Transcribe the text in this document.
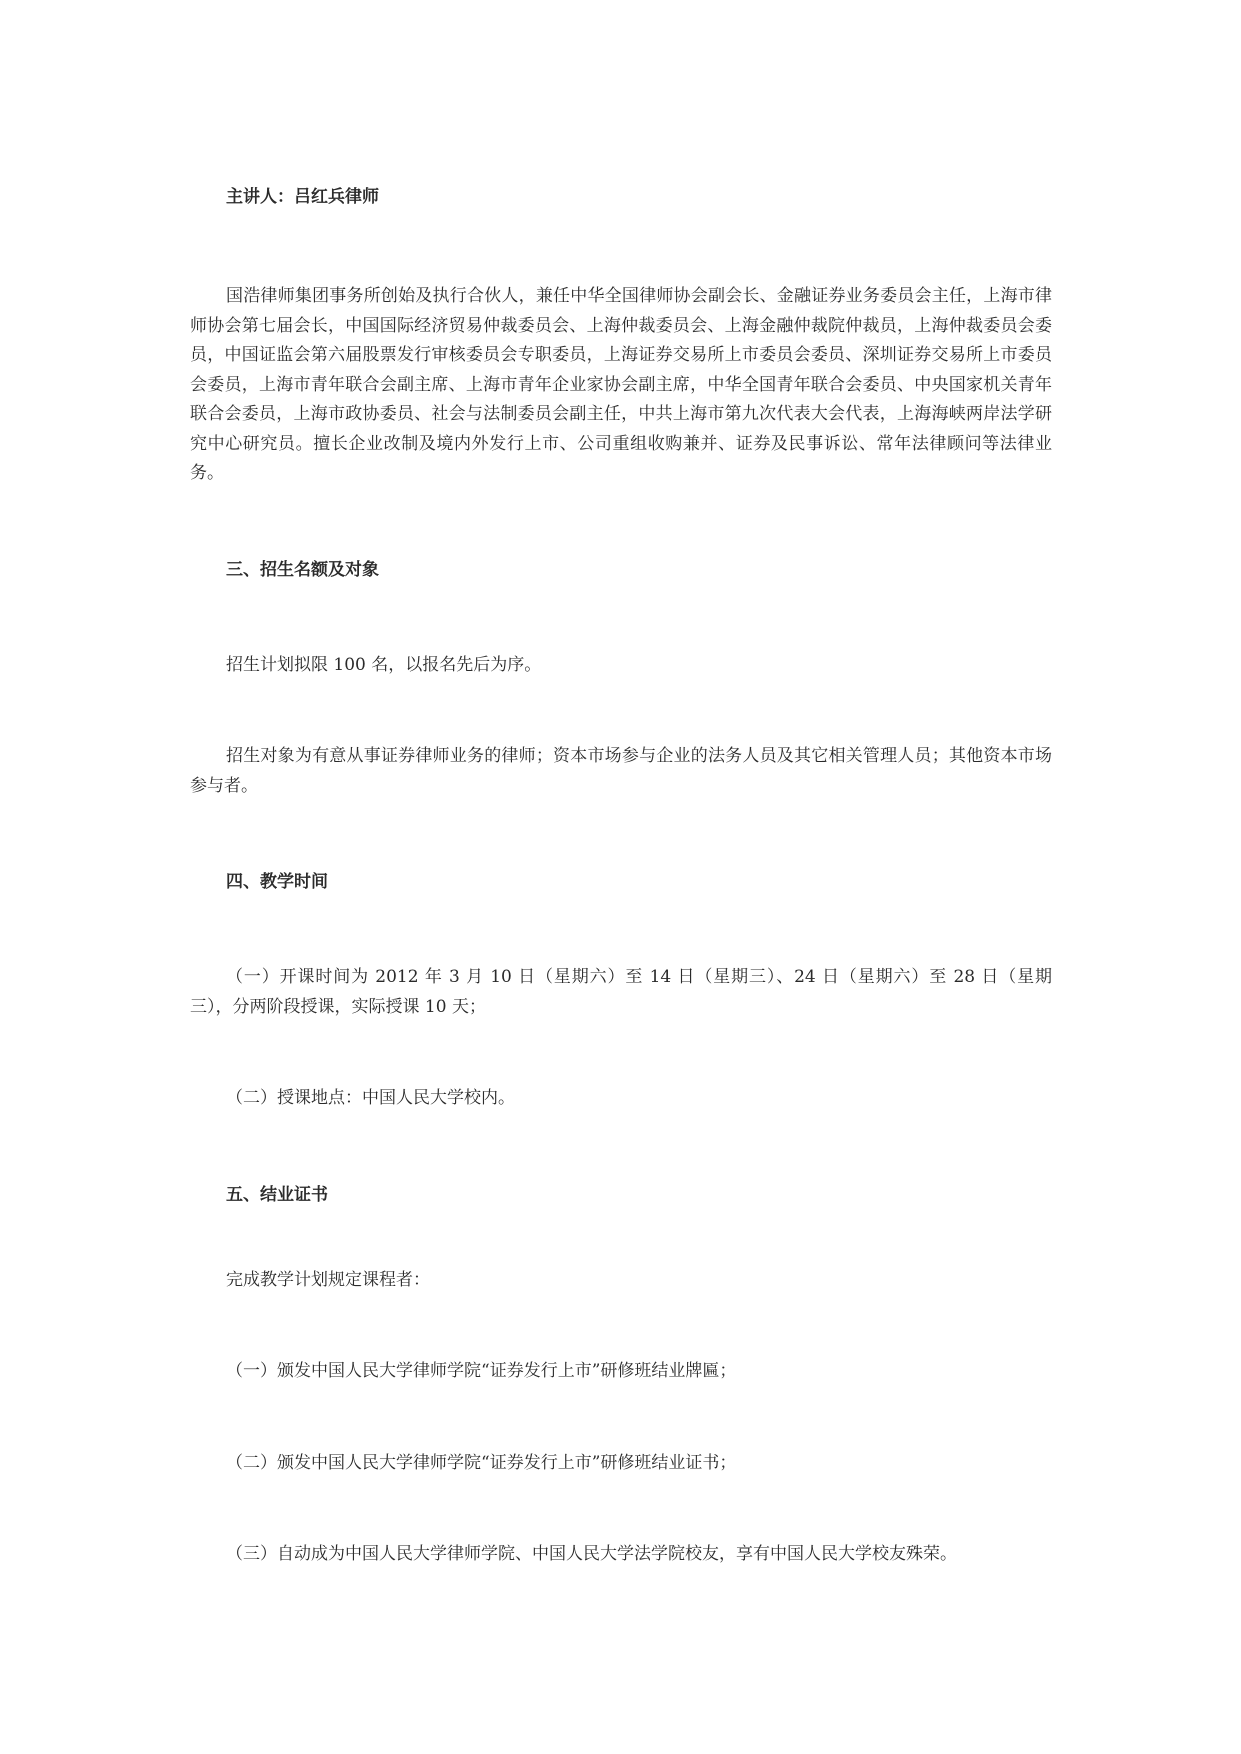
主讲人：吕红兵律师

国浩律师集团事务所创始及执行合伙人，兼任中华全国律师协会副会长、金融证券业务委员会主任，上海市律师协会第七届会长，中国国际经济贸易仲裁委员会、上海仲裁委员会、上海金融仲裁院仲裁员，上海仲裁委员会委员，中国证监会第六届股票发行审核委员会专职委员，上海证券交易所上市委员会委员、深圳证券交易所上市委员会委员，上海市青年联合会副主席、上海市青年企业家协会副主席，中华全国青年联合会委员、中央国家机关青年联合会委员，上海市政协委员、社会与法制委员会副主任，中共上海市第九次代表大会代表，上海海峡两岸法学研究中心研究员。擅长企业改制及境内外发行上市、公司重组收购兼并、证券及民事诉讼、常年法律顾问等法律业务。

三、招生名额及对象

招生计划拟限 100 名，以报名先后为序。

招生对象为有意从事证券律师业务的律师；资本市场参与企业的法务人员及其它相关管理人员；其他资本市场参与者。

四、教学时间

（一）开课时间为 2012 年 3 月 10 日（星期六）至 14 日（星期三）、24 日（星期六）至 28 日（星期三），分两阶段授课，实际授课 10 天；

（二）授课地点：中国人民大学校内。

五、结业证书

完成教学计划规定课程者：

（一）颁发中国人民大学律师学院“证券发行上市”研修班结业牌匾；

（二）颁发中国人民大学律师学院“证券发行上市”研修班结业证书；

（三）自动成为中国人民大学律师学院、中国人民大学法学院校友，享有中国人民大学校友殊荣。
